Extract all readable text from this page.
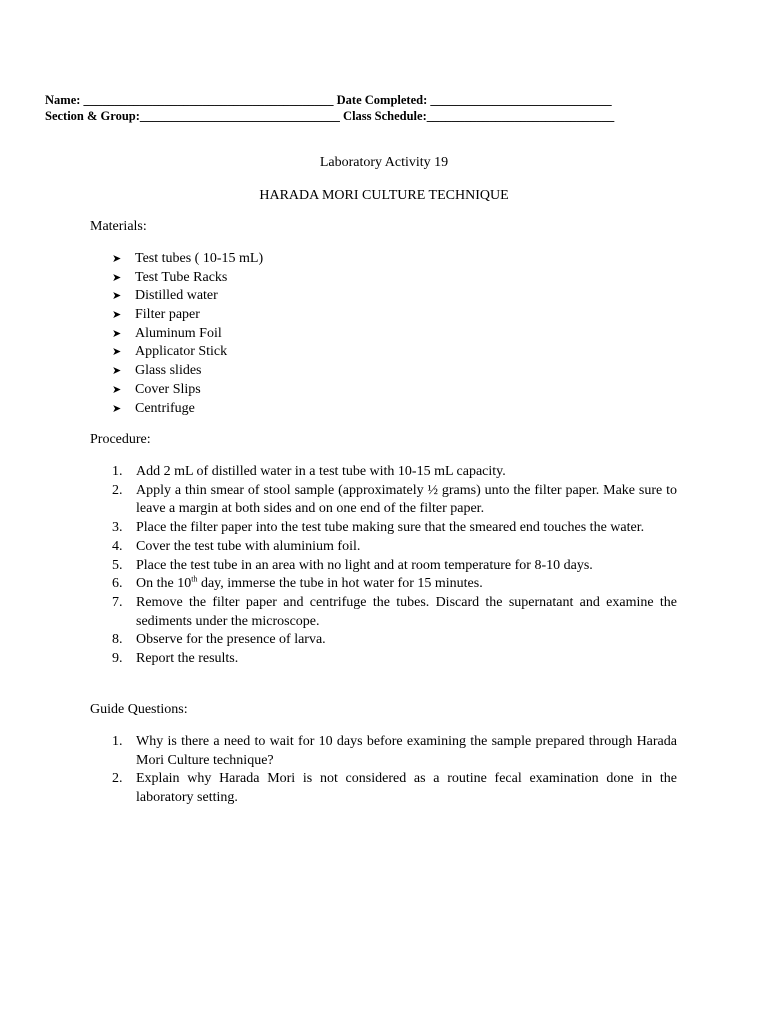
Name: ________________________________________ Date Completed: _____________________________
Section & Group:________________________________ Class Schedule:______________________________
Laboratory Activity 19
HARADA MORI CULTURE TECHNIQUE
Materials:
➤ Test tubes ( 10-15 mL)
➤ Test Tube Racks
➤ Distilled water
➤ Filter paper
➤ Aluminum Foil
➤ Applicator Stick
➤ Glass slides
➤ Cover Slips
➤ Centrifuge
Procedure:
1. Add 2 mL of distilled water in a test tube with 10-15 mL capacity.
2. Apply a thin smear of stool sample (approximately ½ grams) unto the filter paper. Make sure to leave a margin at both sides and on one end of the filter paper.
3. Place the filter paper into the test tube making sure that the smeared end touches the water.
4. Cover the test tube with aluminium foil.
5. Place the test tube in an area with no light and at room temperature for 8-10 days.
6. On the 10th day, immerse the tube in hot water for 15 minutes.
7. Remove the filter paper and centrifuge the tubes. Discard the supernatant and examine the sediments under the microscope.
8. Observe for the presence of larva.
9. Report the results.
Guide Questions:
1. Why is there a need to wait for 10 days before examining the sample prepared through Harada Mori Culture technique?
2. Explain why Harada Mori is not considered as a routine fecal examination done in the laboratory setting.
